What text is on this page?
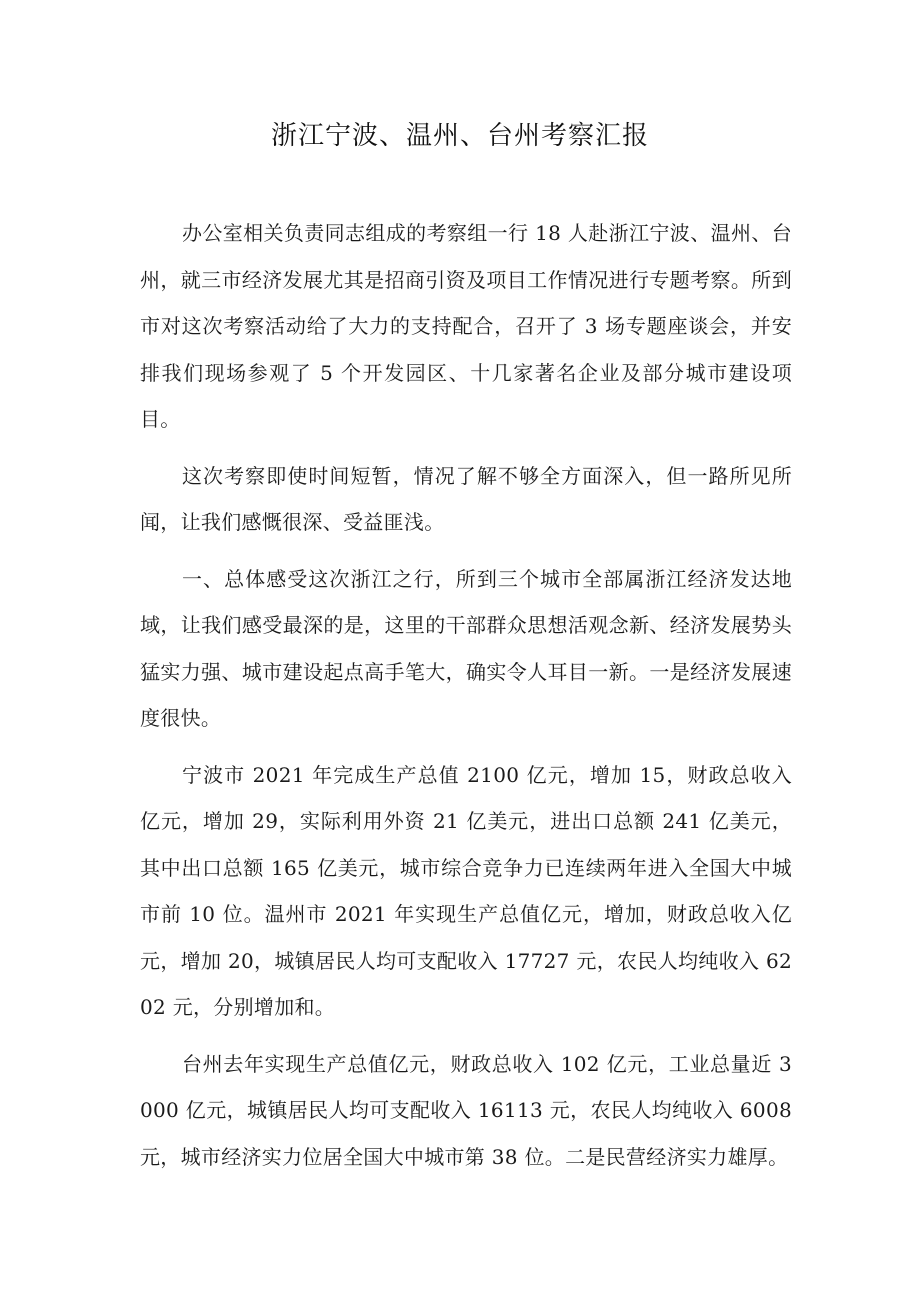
浙江宁波、温州、台州考察汇报

办公室相关负责同志组成的考察组一行 18 人赴浙江宁波、温州、台州，就三市经济发展尤其是招商引资及项目工作情况进行专题考察。所到市对这次考察活动给了大力的支持配合，召开了 3 场专题座谈会，并安排我们现场参观了 5 个开发园区、十几家著名企业及部分城市建设项目。

这次考察即使时间短暂，情况了解不够全方面深入，但一路所见所闻，让我们感慨很深、受益匪浅。

一、总体感受这次浙江之行，所到三个城市全部属浙江经济发达地域，让我们感受最深的是，这里的干部群众思想活观念新、经济发展势头猛实力强、城市建设起点高手笔大，确实令人耳目一新。一是经济发展速度很快。

宁波市 2021 年完成生产总值 2100 亿元，增加 15，财政总收入亿元，增加 29，实际利用外资 21 亿美元，进出口总额 241 亿美元，其中出口总额 165 亿美元，城市综合竞争力已连续两年进入全国大中城市前 10 位。温州市 2021 年实现生产总值亿元，增加，财政总收入亿元，增加 20，城镇居民人均可支配收入 17727 元，农民人均纯收入 6202 元，分别增加和。

台州去年实现生产总值亿元，财政总收入 102 亿元，工业总量近 3000 亿元，城镇居民人均可支配收入 16113 元，农民人均纯收入 6008 元，城市经济实力位居全国大中城市第 38 位。二是民营经济实力雄厚。
